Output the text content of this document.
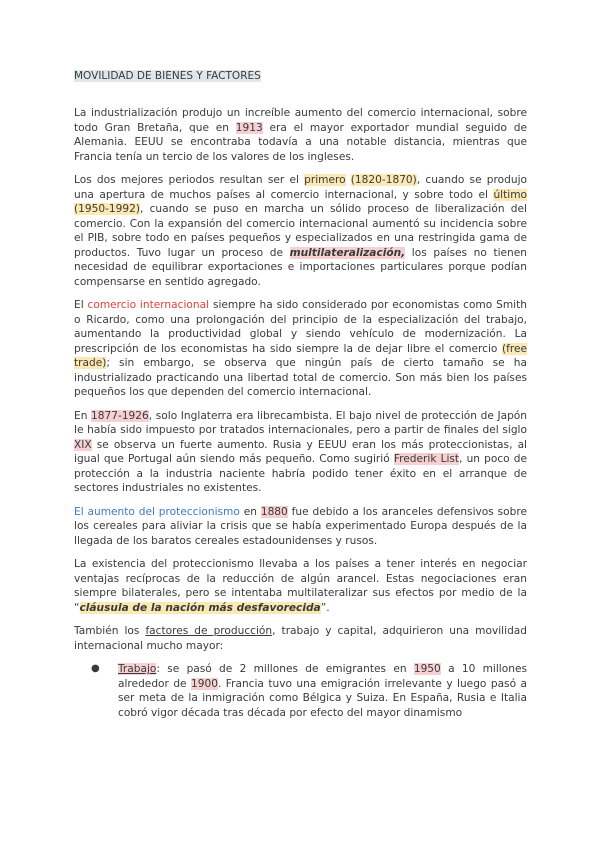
MOVILIDAD DE BIENES Y FACTORES

La industrialización produjo un increíble aumento del comercio internacional, sobre todo Gran Bretaña, que en 1913 era el mayor exportador mundial seguido de Alemania. EEUU se encontraba todavía a una notable distancia, mientras que Francia tenía un tercio de los valores de los ingleses.

Los dos mejores periodos resultan ser el primero (1820-1870), cuando se produjo una apertura de muchos países al comercio internacional, y sobre todo el último (1950-1992), cuando se puso en marcha un sólido proceso de liberalización del comercio. Con la expansión del comercio internacional aumentó su incidencia sobre el PIB, sobre todo en países pequeños y especializados en una restringida gama de productos. Tuvo lugar un proceso de multilateralización, los países no tienen necesidad de equilibrar exportaciones e importaciones particulares porque podían compensarse en sentido agregado.

El comercio internacional siempre ha sido considerado por economistas como Smith o Ricardo, como una prolongación del principio de la especialización del trabajo, aumentando la productividad global y siendo vehículo de modernización. La prescripción de los economistas ha sido siempre la de dejar libre el comercio (free trade); sin embargo, se observa que ningún país de cierto tamaño se ha industrializado practicando una libertad total de comercio. Son más bien los países pequeños los que dependen del comercio internacional.

En 1877-1926, solo Inglaterra era librecambista. El bajo nivel de protección de Japón le había sido impuesto por tratados internacionales, pero a partir de finales del siglo XIX se observa un fuerte aumento. Rusia y EEUU eran los más proteccionistas, al igual que Portugal aún siendo más pequeño. Como sugirió Frederik List, un poco de protección a la industria naciente habría podido tener éxito en el arranque de sectores industriales no existentes.

El aumento del proteccionismo en 1880 fue debido a los aranceles defensivos sobre los cereales para aliviar la crisis que se había experimentado Europa después de la llegada de los baratos cereales estadounidenses y rusos.

La existencia del proteccionismo llevaba a los países a tener interés en negociar ventajas recíprocas de la reducción de algún arancel. Estas negociaciones eran siempre bilaterales, pero se intentaba multilateralizar sus efectos por medio de la “cláusula de la nación más desfavorecida”.

También los factores de producción, trabajo y capital, adquirieron una movilidad internacional mucho mayor:

● Trabajo: se pasó de 2 millones de emigrantes en 1950 a 10 millones alrededor de 1900. Francia tuvo una emigración irrelevante y luego pasó a ser meta de la inmigración como Bélgica y Suiza. En España, Rusia e Italia cobró vigor década tras década por efecto del mayor dinamismo
